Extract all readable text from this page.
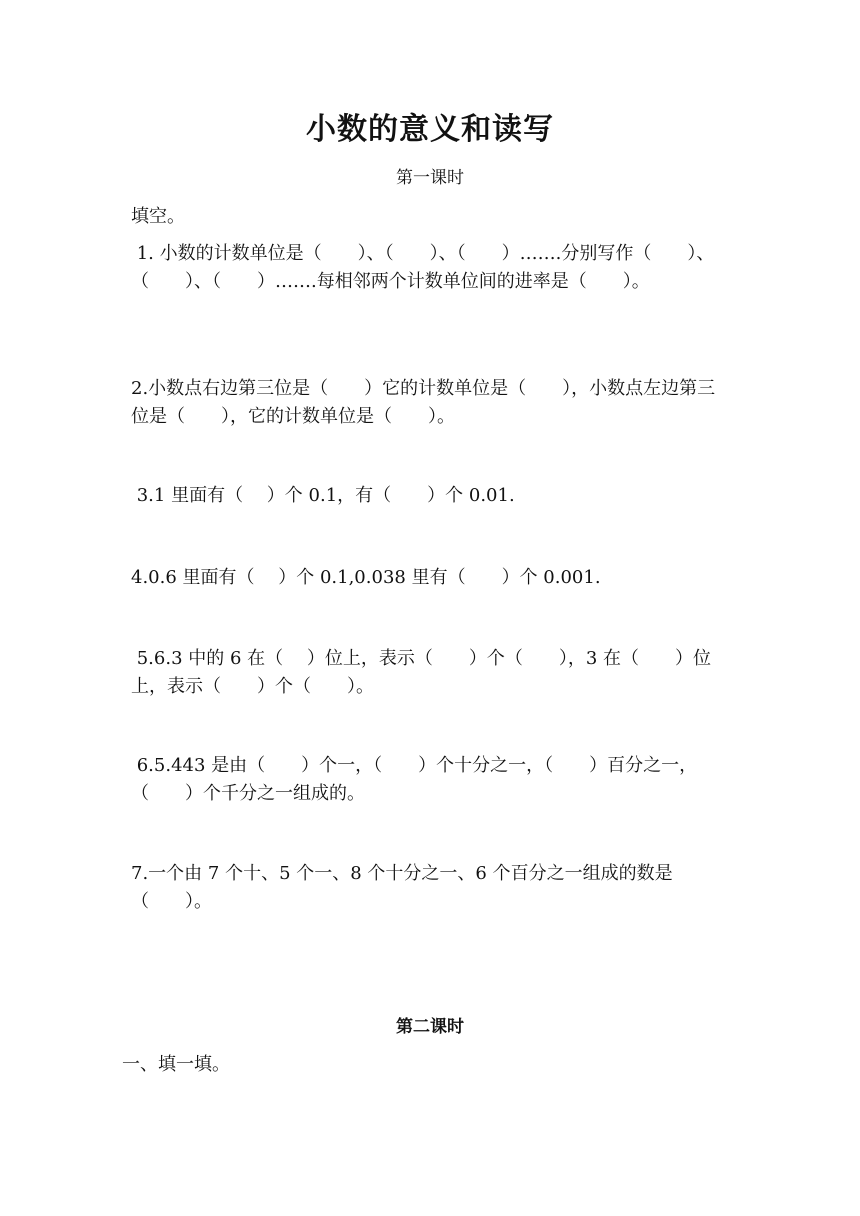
小数的意义和读写
第一课时
填空。
1. 小数的计数单位是（　　）、（　　）、（　　）…….分别写作（　　）、（　　）、（　　）…….每相邻两个计数单位间的进率是（　　）。
2.小数点右边第三位是（　　）它的计数单位是（　　），小数点左边第三位是（　　），它的计数单位是（　　）。
3.1 里面有（　 ）个 0.1，有（　　）个 0.01.
4.0.6 里面有（　 ）个 0.1,0.038 里有（　　）个 0.001.
5.6.3 中的 6 在（　 ）位上，表示（　　）个（　　），3 在（　　）位上，表示（　　）个（　　）。
6.5.443 是由（　　）个一，（　　）个十分之一，（　　）百分之一，（　　）个千分之一组成的。
7.一个由 7 个十、5 个一、8 个十分之一、6 个百分之一组成的数是（　　）。
第二课时
一、填一填。
